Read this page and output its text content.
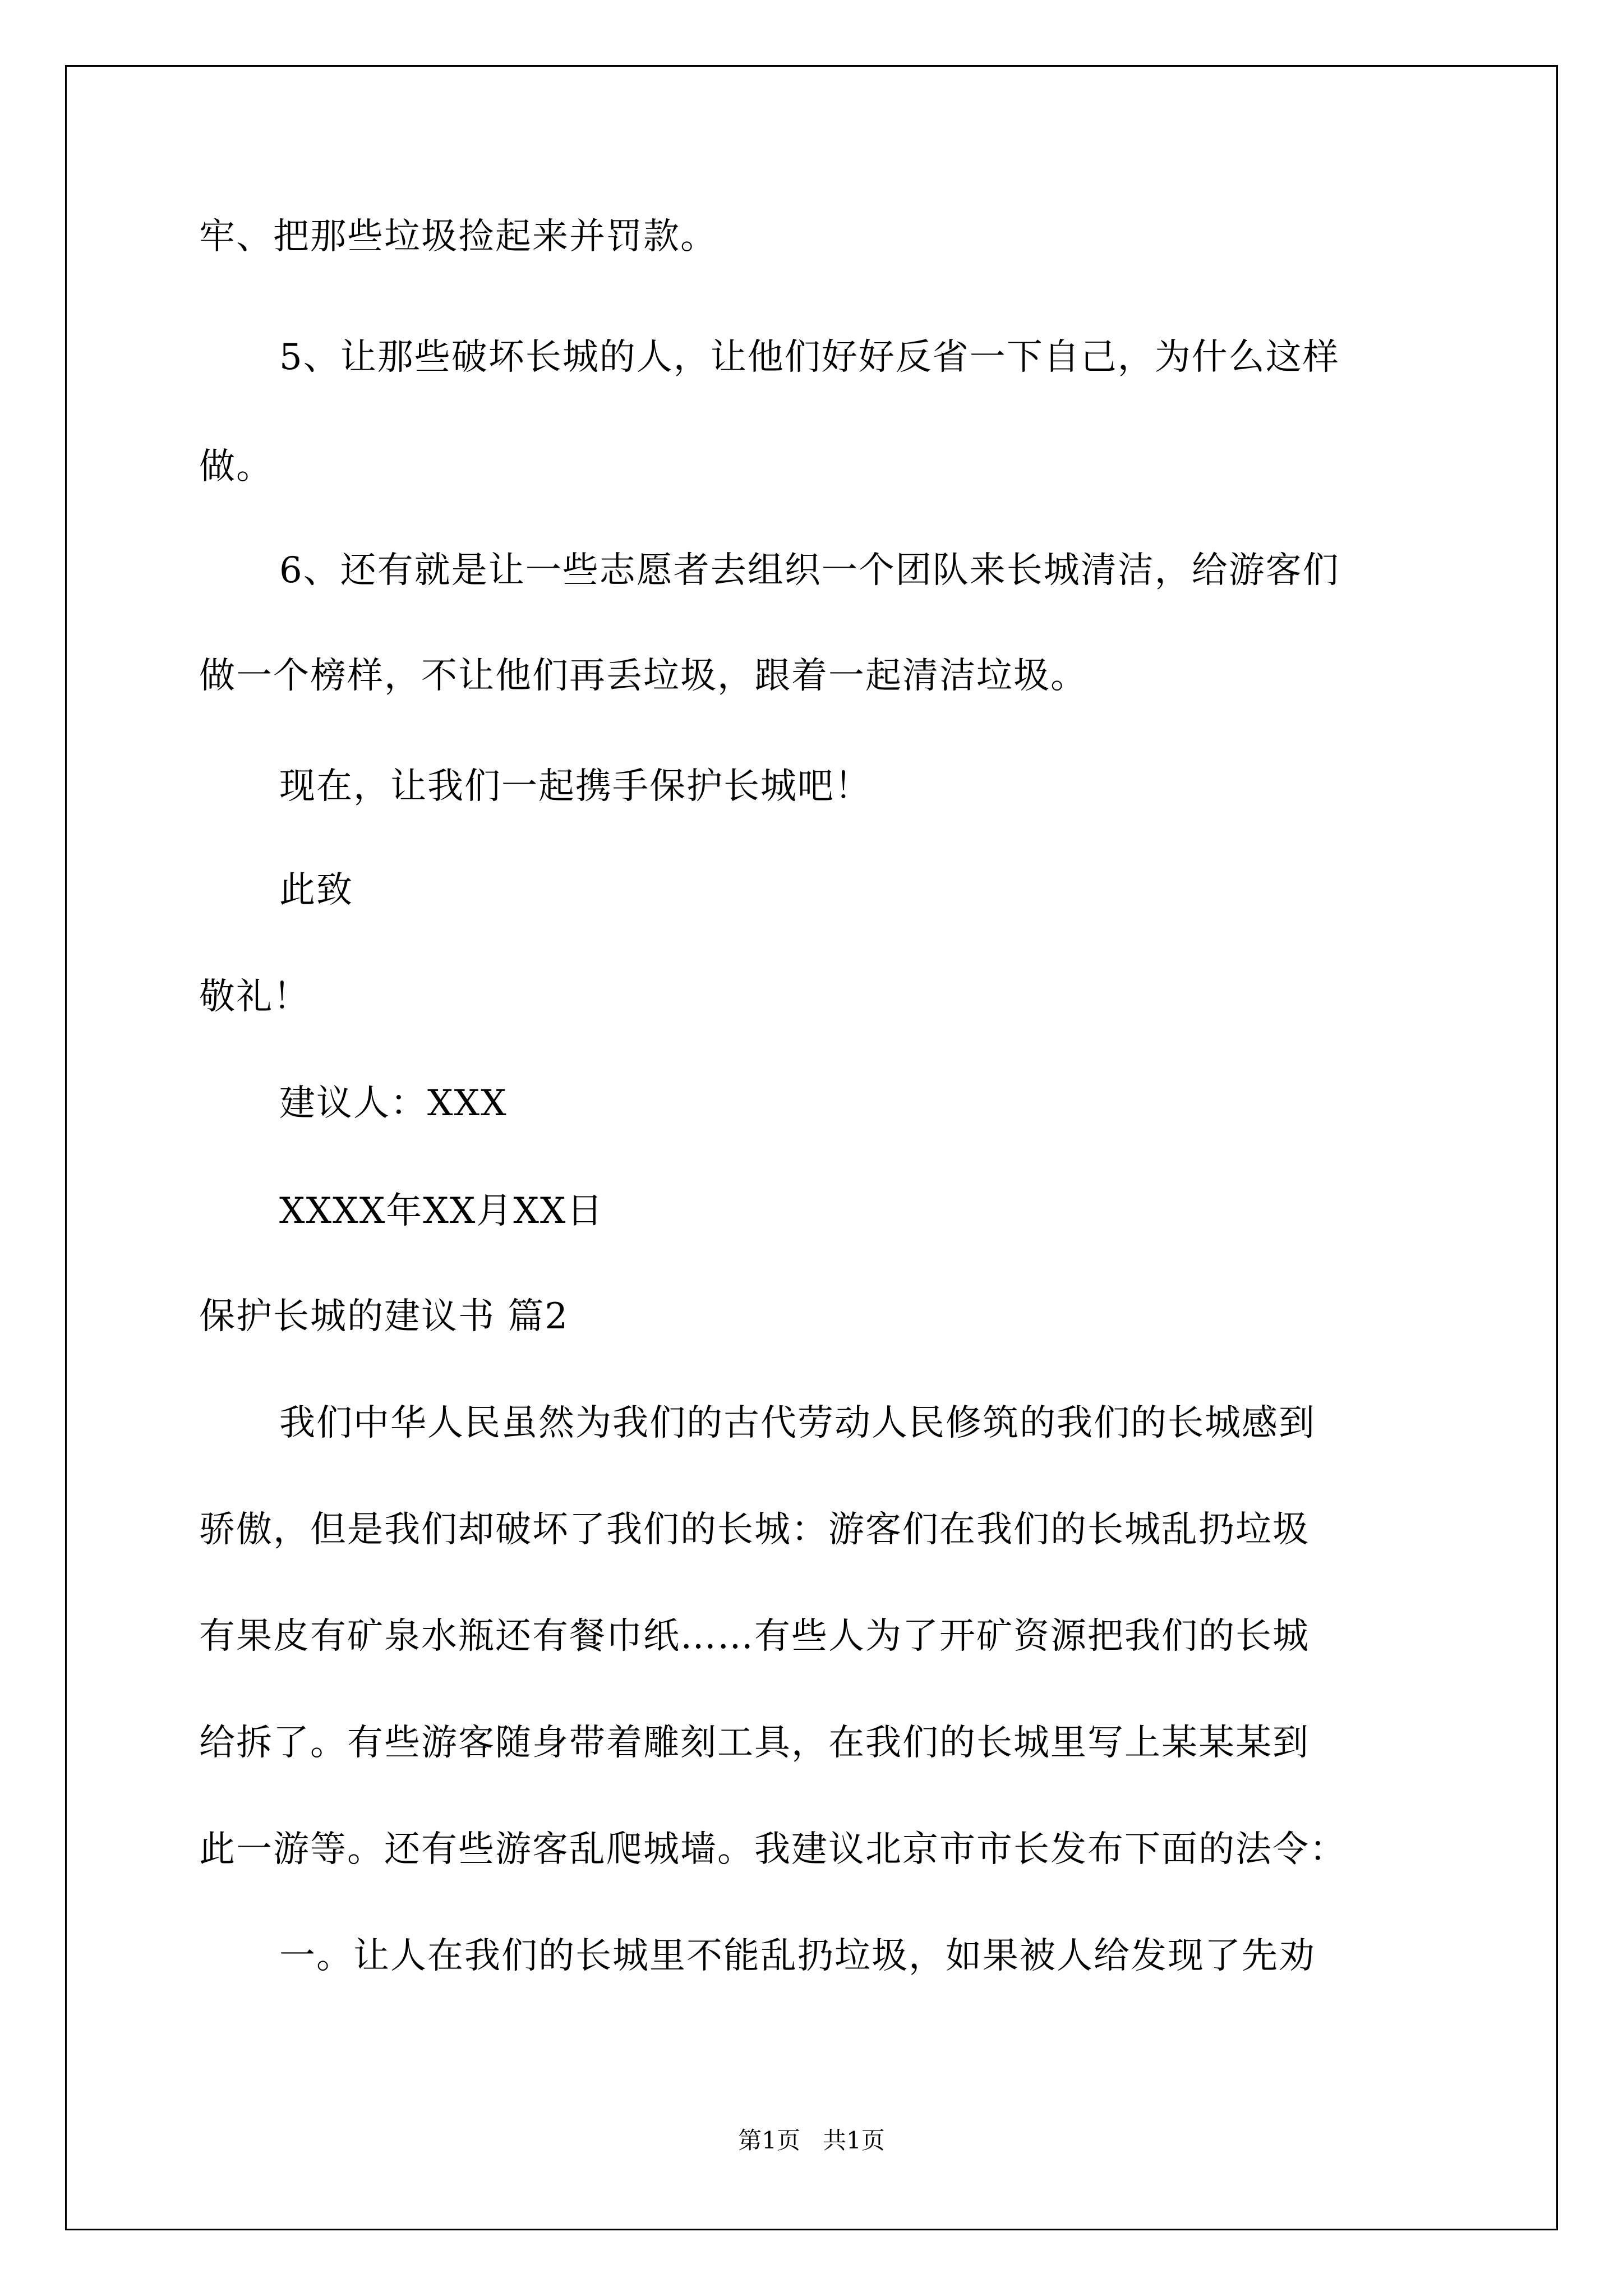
牢、把那些垃圾捡起来并罚款。

5、让那些破坏长城的人，让他们好好反省一下自己，为什么这样

做。

6、还有就是让一些志愿者去组织一个团队来长城清洁，给游客们

做一个榜样，不让他们再丢垃圾，跟着一起清洁垃圾。

现在，让我们一起携手保护长城吧！

此致

敬礼！

建议人：XXX

XXXX年XX月XX日

保护长城的建议书 篇2

我们中华人民虽然为我们的古代劳动人民修筑的我们的长城感到

骄傲，但是我们却破坏了我们的长城：游客们在我们的长城乱扔垃圾

有果皮有矿泉水瓶还有餐巾纸……有些人为了开矿资源把我们的长城

给拆了。有些游客随身带着雕刻工具，在我们的长城里写上某某某到

此一游等。还有些游客乱爬城墙。我建议北京市市长发布下面的法令：

一。让人在我们的长城里不能乱扔垃圾，如果被人给发现了先劝

第1页   共1页
